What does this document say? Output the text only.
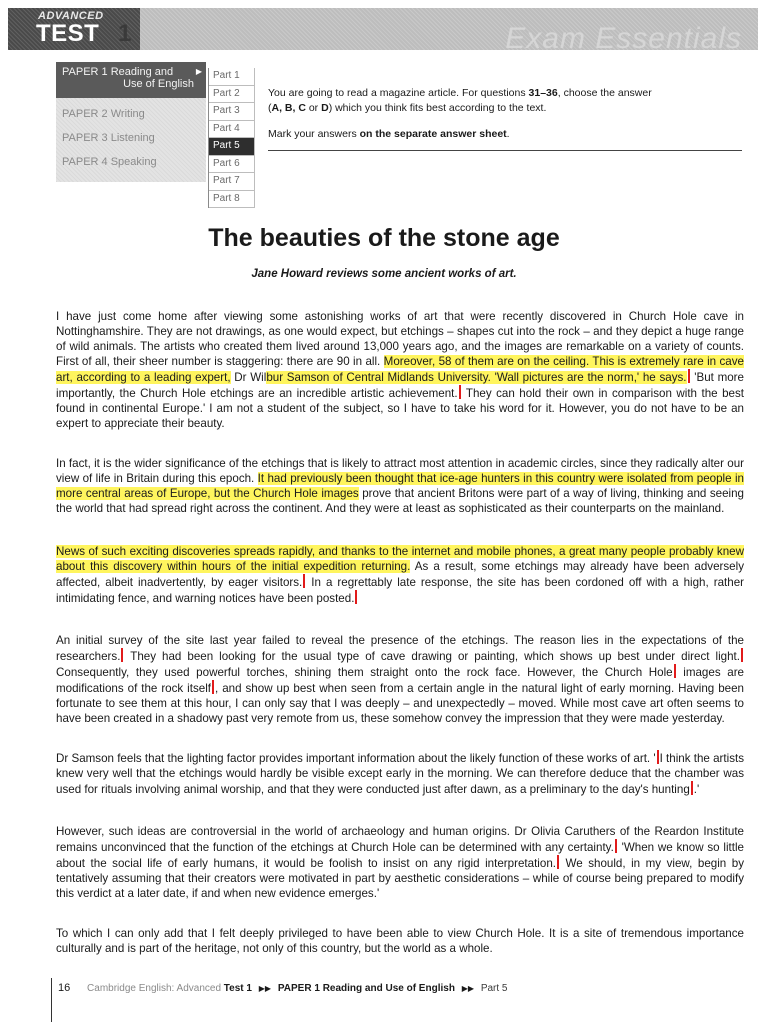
Exam Essentials
ADVANCED
TEST 1
PAPER 1 Reading and
Use of English
▶
PAPER 2 Writing
PAPER 3 Listening
PAPER 4 Speaking
Part 1
Part 2
Part 3
Part 4
Part 5
Part 6
Part 7
Part 8

You are going to read a magazine article. For questions 31–36, choose the answer

(A, B, C or D) which you think fits best according to the text.

Mark your answers on the separate answer sheet.

The beauties of the stone age
Jane Howard reviews some ancient works of art.

I have just come home after viewing some astonishing works of art that were recently discovered in Church Hole cave in Nottinghamshire. They are not drawings, as one would expect, but etchings – shapes cut into the rock – and they depict a huge range of wild animals. The artists who created them lived around 13,000 years ago, and the images are remarkable on a variety of counts. First of all, their sheer number is staggering: there are 90 in all. Moreover, 58 of them are on the ceiling. This is extremely rare in cave art, according to a leading expert, Dr Wilbur Samson of Central Midlands University. 'Wall pictures are the norm,' he says. 'But more importantly, the Church Hole etchings are an incredible artistic achievement. They can hold their own in comparison with the best found in continental Europe.' I am not a student of the subject, so I have to take his word for it. However, you do not have to be an expert to appreciate their beauty.

In fact, it is the wider significance of the etchings that is likely to attract most attention in academic circles, since they radically alter our view of life in Britain during this epoch. It had previously been thought that ice-age hunters in this country were isolated from people in more central areas of Europe, but the Church Hole images prove that ancient Britons were part of a way of living, thinking and seeing the world that had spread right across the continent. And they were at least as sophisticated as their counterparts on the mainland.

News of such exciting discoveries spreads rapidly, and thanks to the internet and mobile phones, a great many people probably knew about this discovery within hours of the initial expedition returning. As a result, some etchings may already have been adversely affected, albeit inadvertently, by eager visitors. In a regrettably late response, the site has been cordoned off with a high, rather intimidating fence, and warning notices have been posted.

An initial survey of the site last year failed to reveal the presence of the etchings. The reason lies in the expectations of the researchers. They had been looking for the usual type of cave drawing or painting, which shows up best under direct light. Consequently, they used powerful torches, shining them straight onto the rock face. However, the Church Hole images are modifications of the rock itself , and show up best when seen from a certain angle in the natural light of early morning. Having been fortunate to see them at this hour, I can only say that I was deeply – and unexpectedly – moved. While most cave art often seems to have been created in a shadowy past very remote from us, these somehow convey the impression that they were made yesterday.

Dr Samson feels that the lighting factor provides important information about the likely function of these works of art. ' I think the artists knew very well that the etchings would hardly be visible except early in the morning. We can therefore deduce that the chamber was used for rituals involving animal worship, and that they were conducted just after dawn, as a preliminary to the day's hunting .'

However, such ideas are controversial in the world of archaeology and human origins. Dr Olivia Caruthers of the Reardon Institute remains unconvinced that the function of the etchings at Church Hole can be determined with any certainty. 'When we know so little about the social life of early humans, it would be foolish to insist on any rigid interpretation. We should, in my view, begin by tentatively assuming that their creators were motivated in part by aesthetic considerations – while of course being prepared to modify this verdict at a later date, if and when new evidence emerges.'

To which I can only add that I felt deeply privileged to have been able to view Church Hole. It is a site of tremendous importance culturally and is part of the heritage, not only of this country, but the world as a whole.

16 Cambridge English: Advanced Test 1 ▶▶ PAPER 1 Reading and Use of English ▶▶ Part 5
